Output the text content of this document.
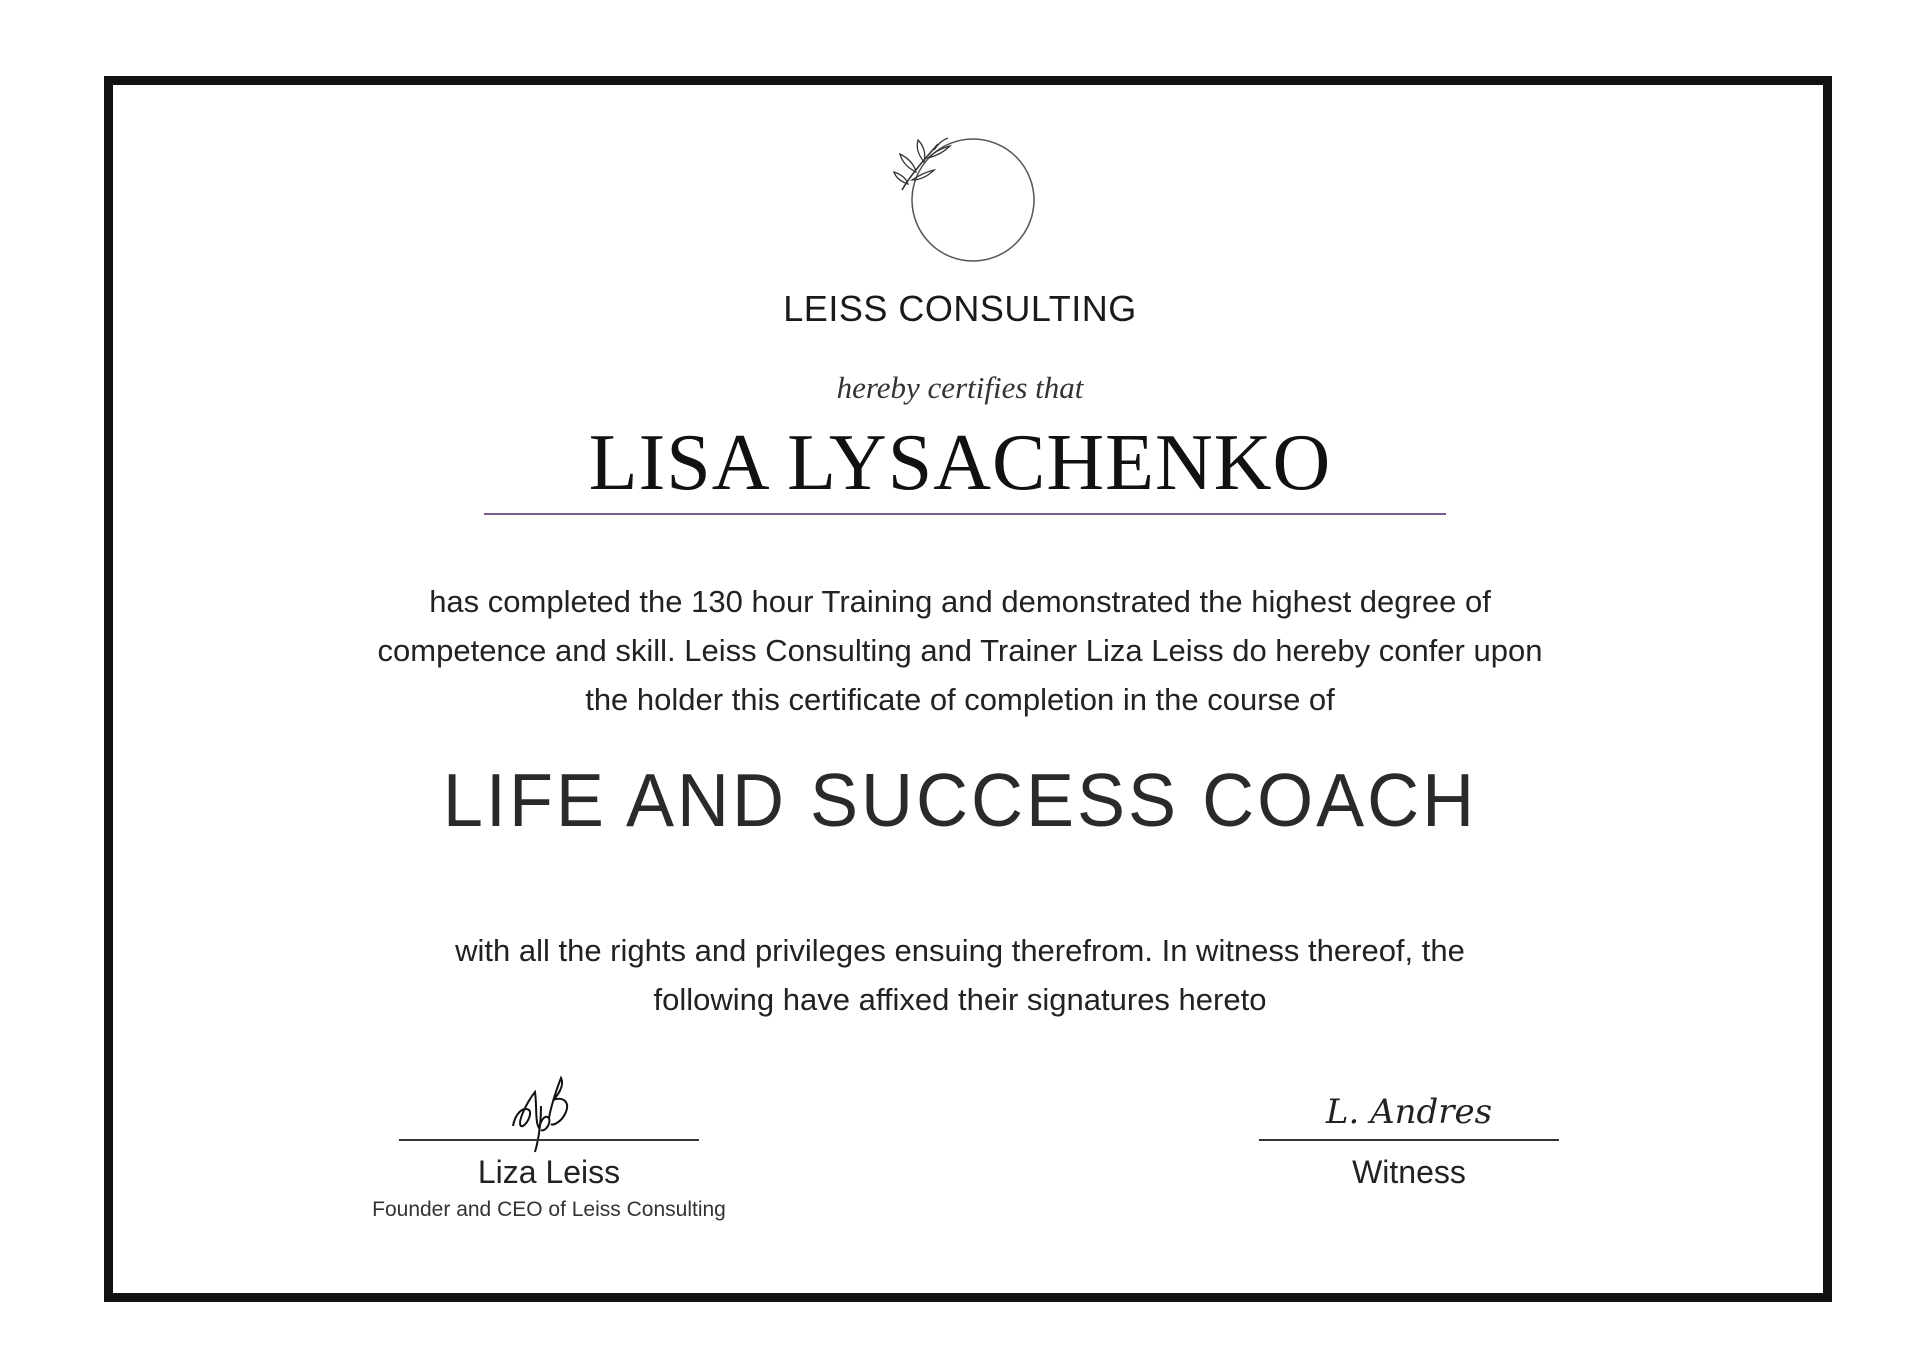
LEISS CONSULTING
hereby certifies that
LISA LYSACHENKO
has completed the 130 hour Training and demonstrated the highest degree of
competence and skill. Leiss Consulting and Trainer Liza Leiss do hereby confer upon
the holder this certificate of completion in the course of
LIFE AND SUCCESS COACH
with all the rights and privileges ensuing therefrom. In witness thereof, the
following have affixed their signatures hereto
Liza Leiss
Founder and CEO of Leiss Consulting
L. Andres
Witness
